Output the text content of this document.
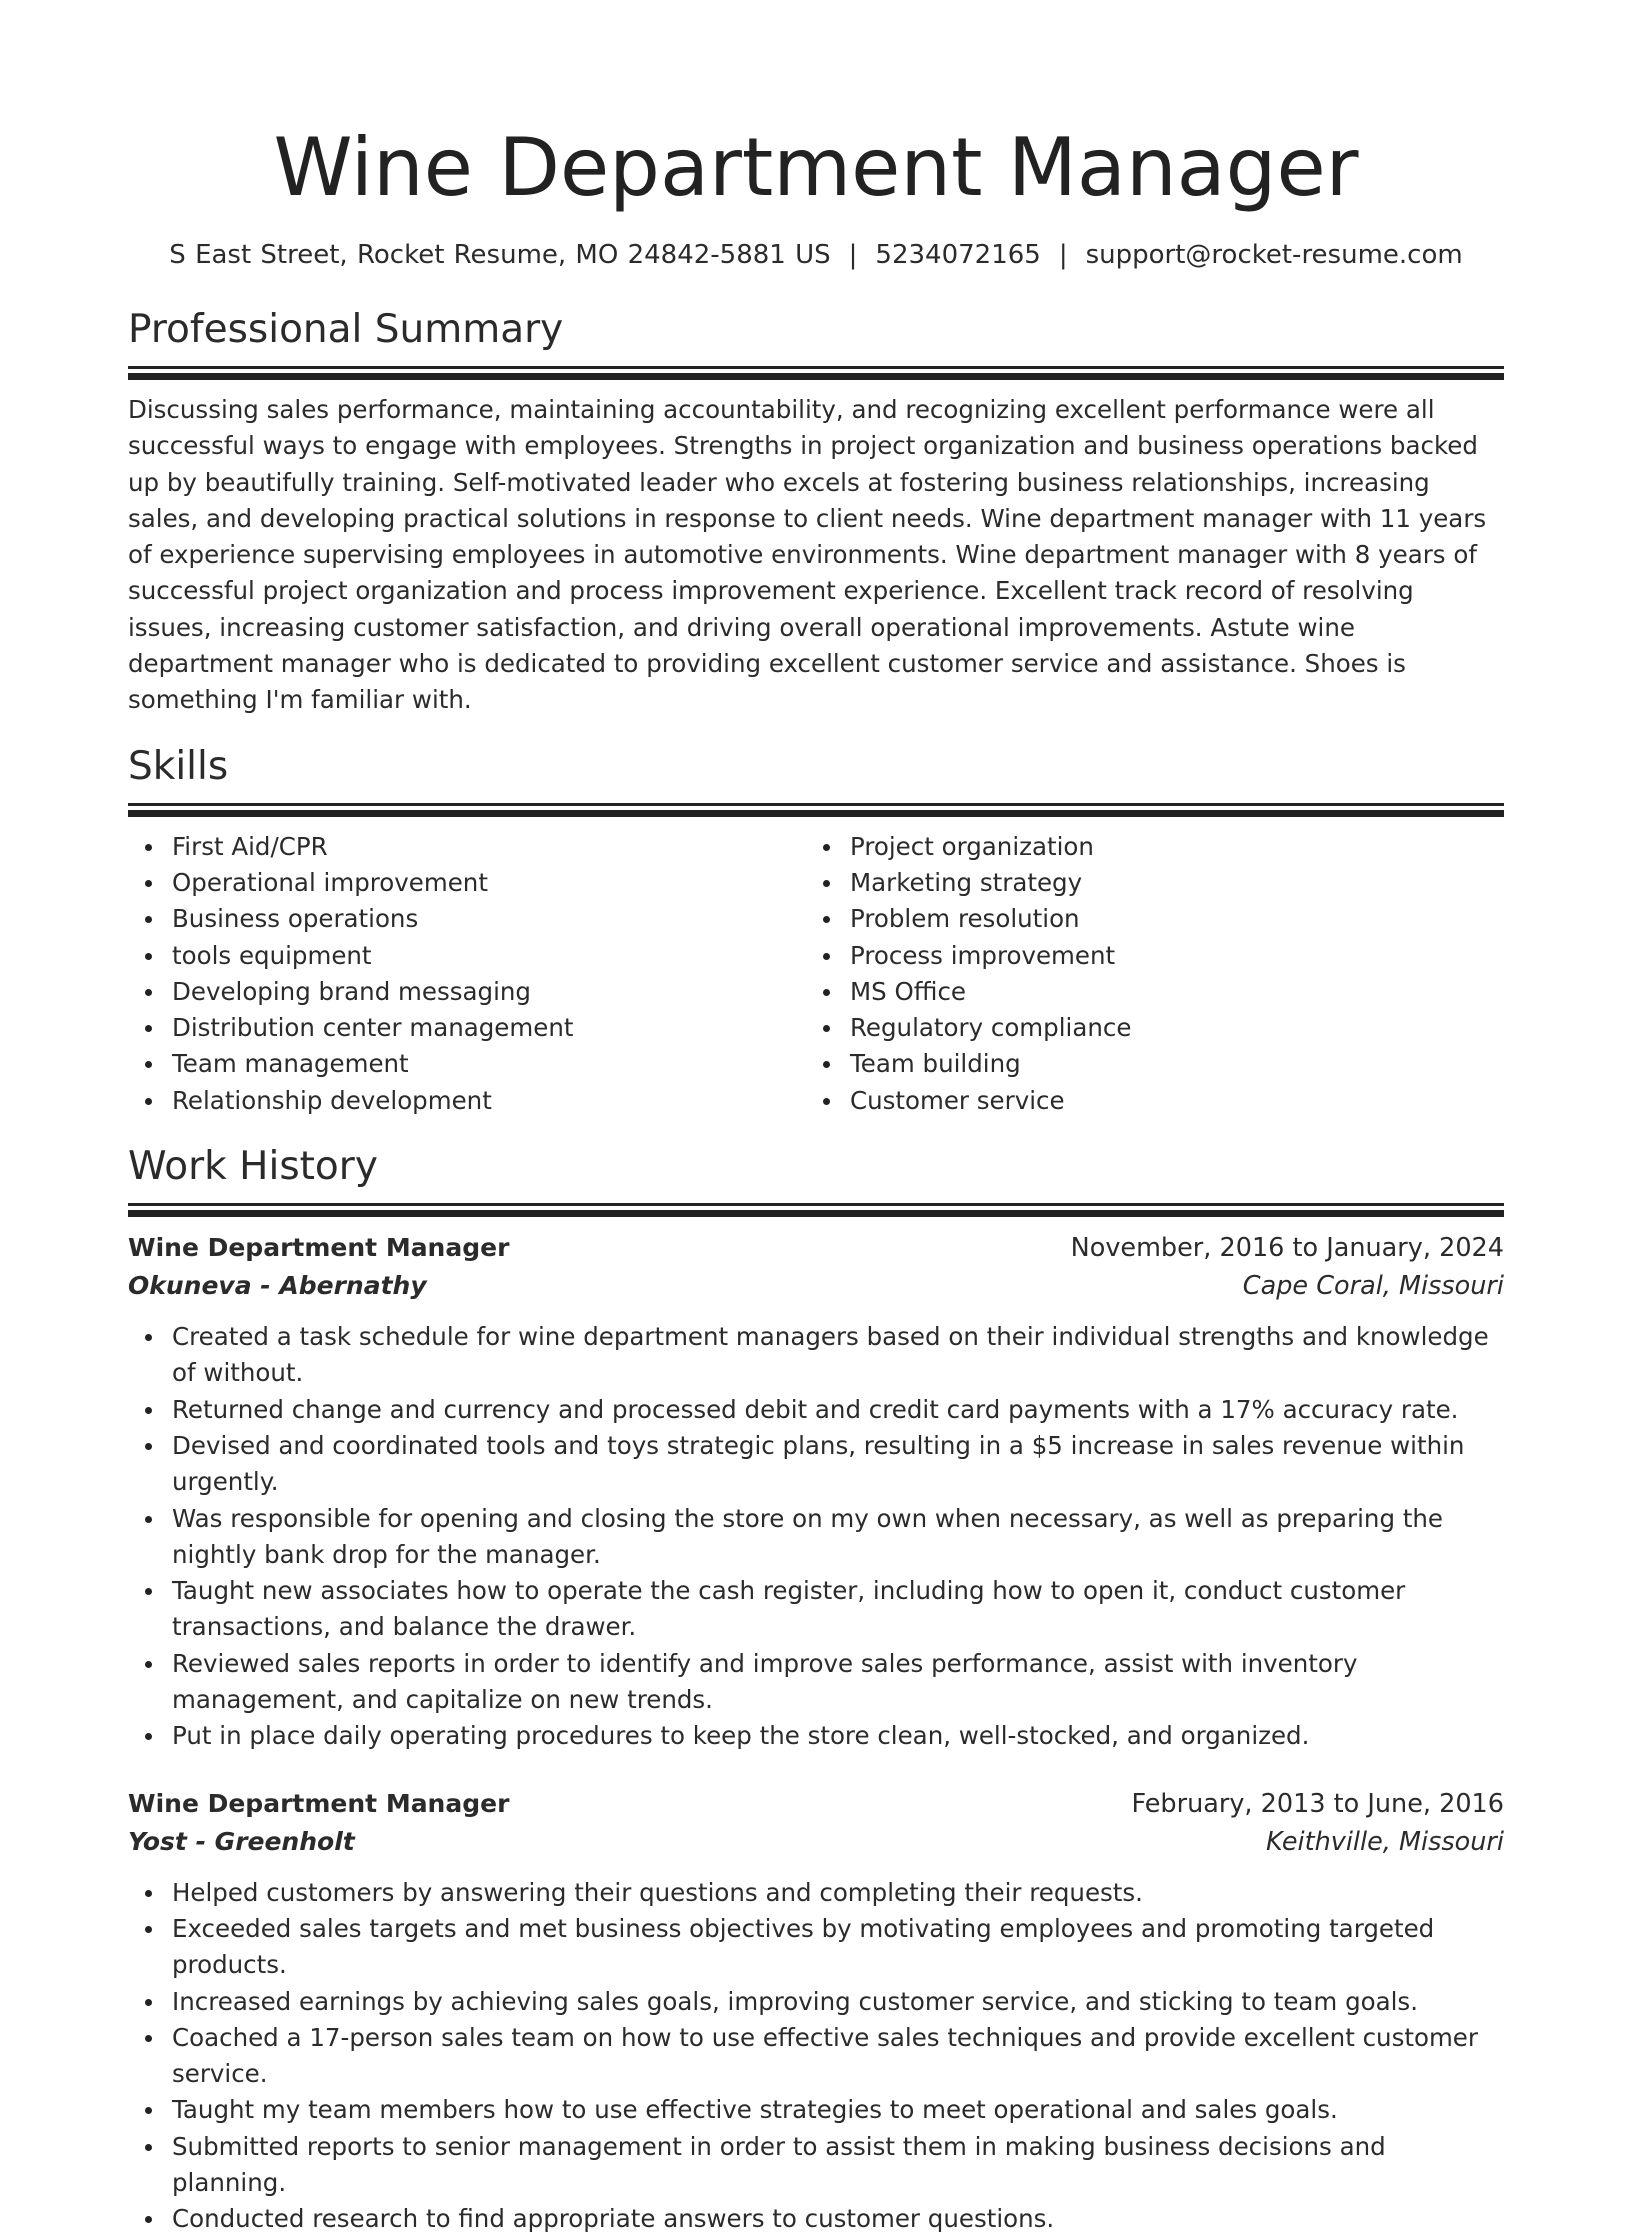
Wine Department Manager
S East Street, Rocket Resume, MO 24842-5881 US | 5234072165 | support@rocket-resume.com
Professional Summary

Discussing sales performance, maintaining accountability, and recognizing excellent performance were all successful ways to engage with employees. Strengths in project organization and business operations backed up by beautifully training. Self-motivated leader who excels at fostering business relationships, increasing sales, and developing practical solutions in response to client needs. Wine department manager with 11 years of experience supervising employees in automotive environments. Wine department manager with 8 years of successful project organization and process improvement experience. Excellent track record of resolving issues, increasing customer satisfaction, and driving overall operational improvements. Astute wine department manager who is dedicated to providing excellent customer service and assistance. Shoes is something I'm familiar with.

Skills
First Aid/CPR
Operational improvement
Business operations
tools equipment
Developing brand messaging
Distribution center management
Team management
Relationship development
Project organization
Marketing strategy
Problem resolution
Process improvement
MS Office
Regulatory compliance
Team building
Customer service
Work History
Wine Department Manager	November, 2016 to January, 2024
Okuneva - Abernathy	Cape Coral, Missouri
Created a task schedule for wine department managers based on their individual strengths and knowledge of without.
Returned change and currency and processed debit and credit card payments with a 17% accuracy rate.
Devised and coordinated tools and toys strategic plans, resulting in a $5 increase in sales revenue within urgently.
Was responsible for opening and closing the store on my own when necessary, as well as preparing the nightly bank drop for the manager.
Taught new associates how to operate the cash register, including how to open it, conduct customer transactions, and balance the drawer.
Reviewed sales reports in order to identify and improve sales performance, assist with inventory management, and capitalize on new trends.
Put in place daily operating procedures to keep the store clean, well-stocked, and organized.
Wine Department Manager	February, 2013 to June, 2016
Yost - Greenholt	Keithville, Missouri
Helped customers by answering their questions and completing their requests.
Exceeded sales targets and met business objectives by motivating employees and promoting targeted products.
Increased earnings by achieving sales goals, improving customer service, and sticking to team goals.
Coached a 17-person sales team on how to use effective sales techniques and provide excellent customer service.
Taught my team members how to use effective strategies to meet operational and sales goals.
Submitted reports to senior management in order to assist them in making business decisions and planning.
Conducted research to find appropriate answers to customer questions.
